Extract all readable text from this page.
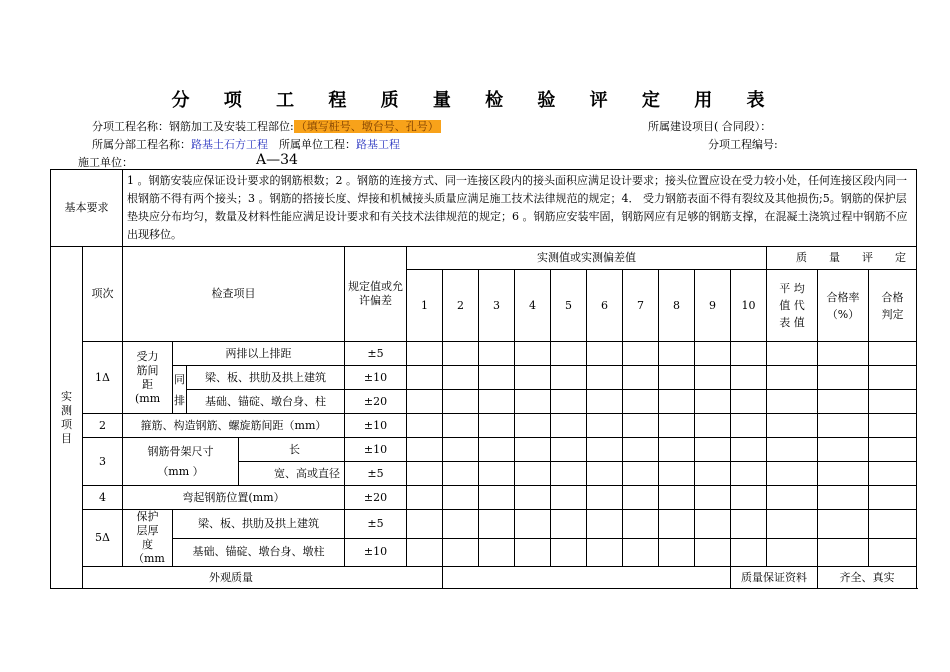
分 项 工 程 质 量 检 验 评 定 用 表
分项工程名称：钢筋加工及安装工程部位: （填写桩号、墩台号、孔号）	所属建设项目( 合同段）：
所属分部工程名称：路基土石方工程　 所属单位工程：路基工程	分项工程编号:
施工单位：	A—34
基本要求		1 。钢筋安装应保证设计要求的钢筋根数；2 。钢筋的连接方式、同一连接区段内的接头面积应满足设计要求；接头位置应设在受力较小处，任何连接区段内同一根钢筋不得有两个接头；3 。钢筋的搭接长度、焊接和机械接头质量应满足施工技术法律规范的规定；4． 受力钢筋表面不得有裂纹及其他损伤;5。钢筋的保护层垫块应分布均匀，数量及材料性能应满足设计要求和有关技术法律规范的规定；6 。钢筋应安装牢固，钢筋网应有足够的钢筋支撑，在混凝土浇筑过程中钢筋不应出现移位。																	

实测项目	项次	检查项目				规定值或允许偏差	实测值或实测偏差值										质　　量　　评　　定		
							1	2	3	4	5	6	7	8	9	10	平 均 值 代 表 值	合格率（%）	合格判定

	1Δ	受力筋间距(mm	两排以上排距			±5													
			同排	梁、板、拱肋及拱上建筑		±10													
				基础、锚碇、墩台身、柱		±20													
	2	箍筋、构造钢筋、螺旋筋间距（mm）				±10													
	3	钢筋骨架尺寸（mm ）			长	±10													
					宽、高或直径	±5													
	4	弯起钢筋位置(mm）				±20													
	5Δ	保护层厚度（mm	梁、板、拱肋及拱上建筑			±5													
			基础、锚碇、墩台身、墩柱			±10													
	外观质量															质量保证资料		齐全、真实	
